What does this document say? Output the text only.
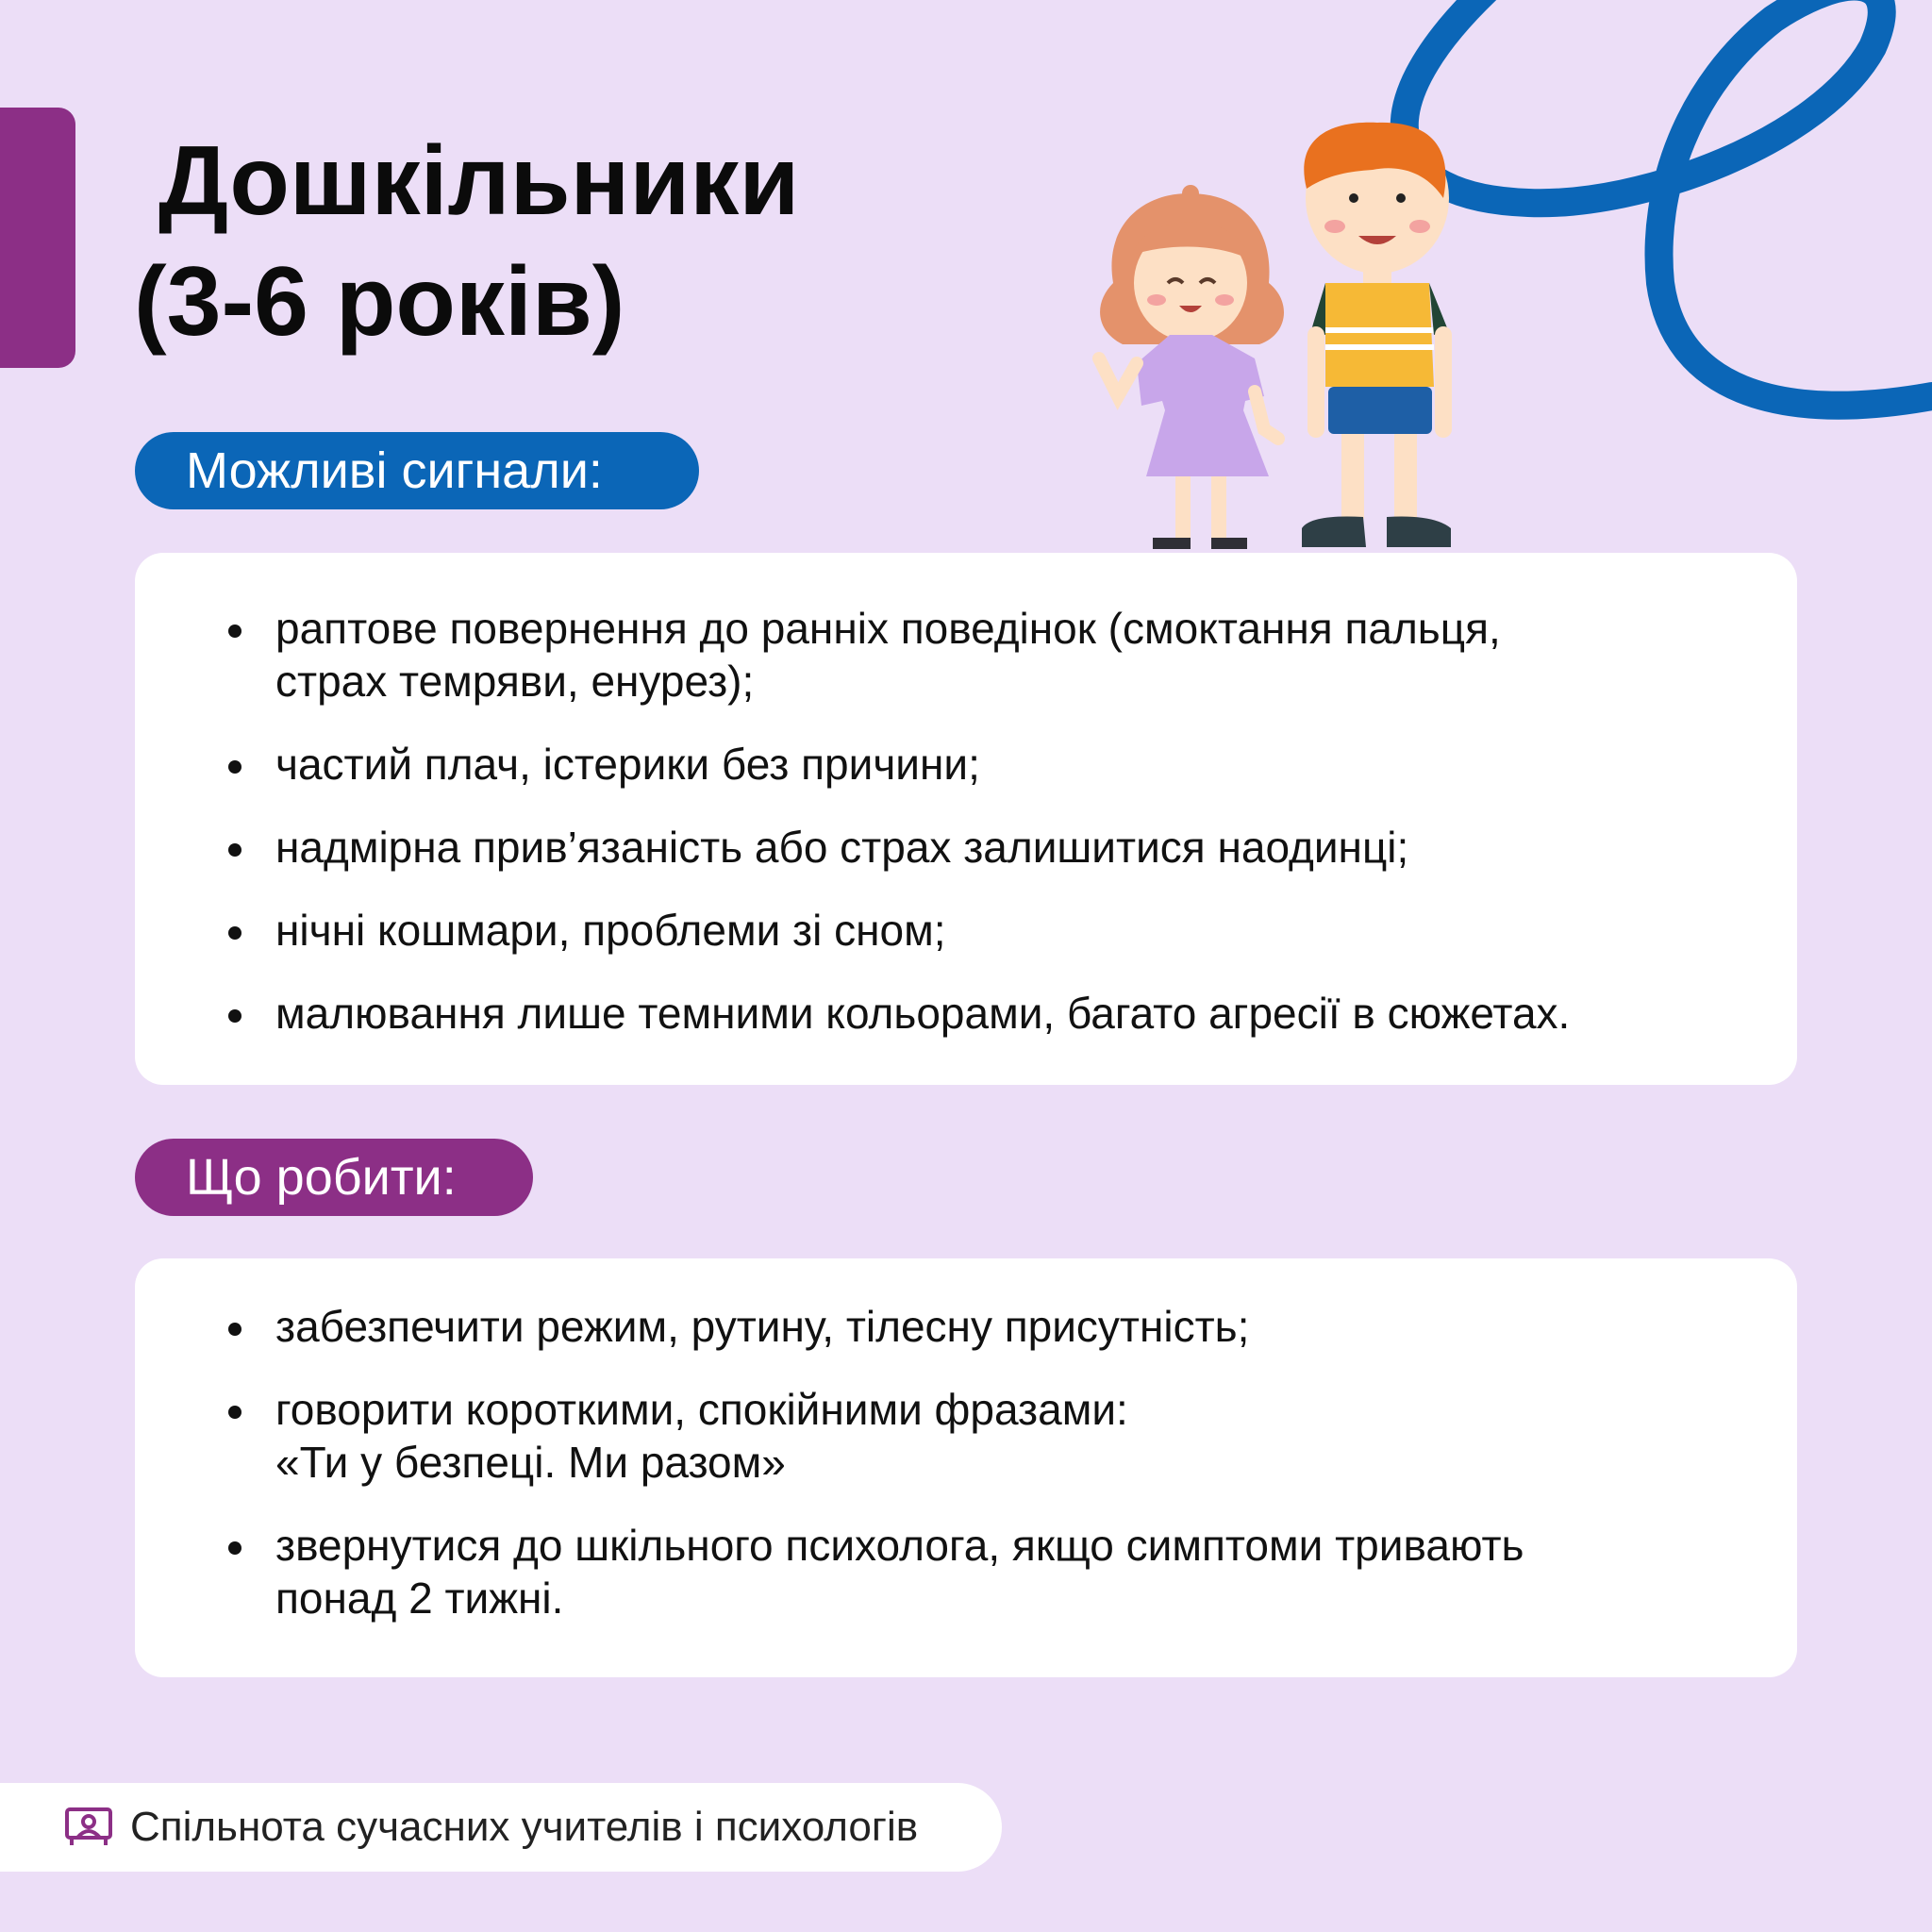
Дошкільники
(3-6 років)
Можливі сигнали:
раптове повернення до ранніх поведінок (смоктання пальця,
страх темряви, енурез);
частий плач, істерики без причини;
надмірна прив’язаність або страх залишитися наодинці;
нічні кошмари, проблеми зі сном;
малювання лише темними кольорами, багато агресії в сюжетах.
Що робити:
забезпечити режим, рутину, тілесну присутність;
говорити короткими, спокійними фразами:
«Ти у безпеці. Ми разом»
звернутися до шкільного психолога, якщо симптоми тривають
понад 2 тижні.
Спільнота сучасних учителів і психологів
